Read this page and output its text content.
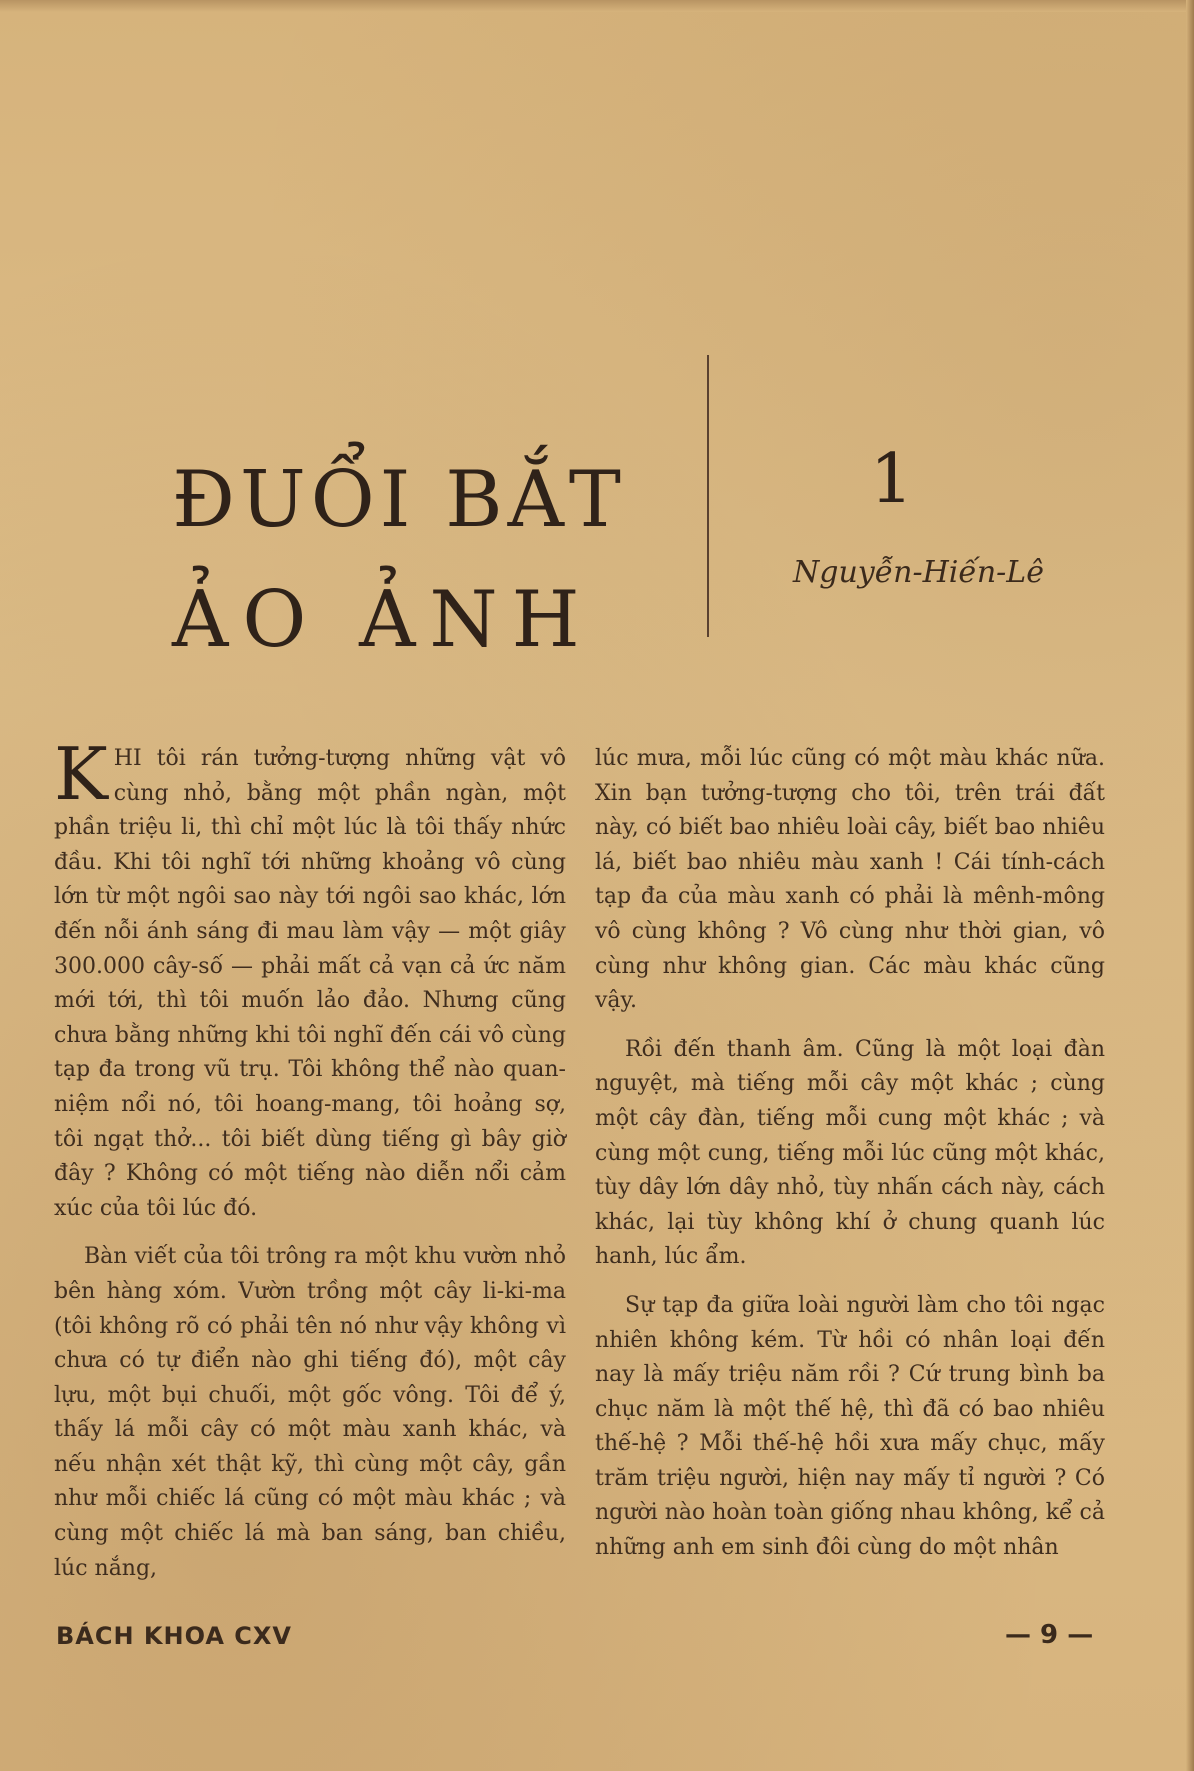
ĐUỔI BẮT
ẢO ẢNH
1
Nguyễn-Hiến-Lê

KHI tôi rán tưởng-tượng những vật vô cùng nhỏ, bằng một phần ngàn, một phần triệu li, thì chỉ một lúc là tôi thấy nhức đầu. Khi tôi nghĩ tới những khoảng vô cùng lớn từ một ngôi sao này tới ngôi sao khác, lớn đến nỗi ánh sáng đi mau làm vậy — một giây 300.000 cây-số — phải mất cả vạn cả ức năm mới tới, thì tôi muốn lảo đảo. Nhưng cũng chưa bằng những khi tôi nghĩ đến cái vô cùng tạp đa trong vũ trụ. Tôi không thể nào quan-niệm nổi nó, tôi hoang-mang, tôi hoảng sợ, tôi ngạt thở... tôi biết dùng tiếng gì bây giờ đây ? Không có một tiếng nào diễn nổi cảm xúc của tôi lúc đó.

Bàn viết của tôi trông ra một khu vườn nhỏ bên hàng xóm. Vườn trồng một cây li-ki-ma (tôi không rõ có phải tên nó như vậy không vì chưa có tự điển nào ghi tiếng đó), một cây lựu, một bụi chuối, một gốc vông. Tôi để ý, thấy lá mỗi cây có một màu xanh khác, và nếu nhận xét thật kỹ, thì cùng một cây, gần như mỗi chiếc lá cũng có một màu khác ; và cùng một chiếc lá mà ban sáng, ban chiều, lúc nắng,

lúc mưa, mỗi lúc cũng có một màu khác nữa. Xin bạn tưởng-tượng cho tôi, trên trái đất này, có biết bao nhiêu loài cây, biết bao nhiêu lá, biết bao nhiêu màu xanh ! Cái tính-cách tạp đa của màu xanh có phải là mênh-mông vô cùng không ? Vô cùng như thời gian, vô cùng như không gian. Các màu khác cũng vậy.

Rồi đến thanh âm. Cũng là một loại đàn nguyệt, mà tiếng mỗi cây một khác ; cùng một cây đàn, tiếng mỗi cung một khác ; và cùng một cung, tiếng mỗi lúc cũng một khác, tùy dây lớn dây nhỏ, tùy nhấn cách này, cách khác, lại tùy không khí ở chung quanh lúc hanh, lúc ẩm.

Sự tạp đa giữa loài người làm cho tôi ngạc nhiên không kém. Từ hồi có nhân loại đến nay là mấy triệu năm rồi ? Cứ trung bình ba chục năm là một thế hệ, thì đã có bao nhiêu thế-hệ ? Mỗi thế-hệ hồi xưa mấy chục, mấy trăm triệu người, hiện nay mấy tỉ người ? Có người nào hoàn toàn giống nhau không, kể cả những anh em sinh đôi cùng do một nhân

BÁCH KHOA CXV	— 9 —
